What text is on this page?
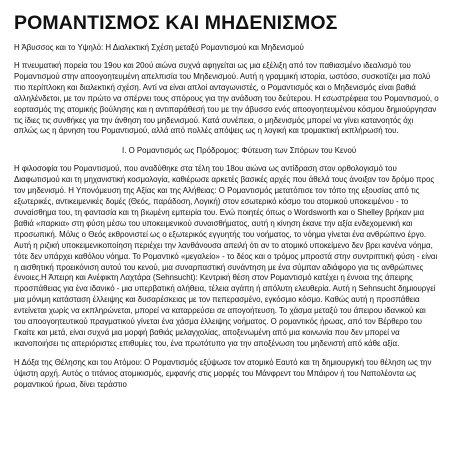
ΡΟΜΑΝΤΙΣΜΟΣ ΚΑΙ ΜΗΔΕΝΙΣΜΟΣ
Η Άβυσσος και το Υψηλό: Η Διαλεκτική Σχέση μεταξύ Ρομαντισμού και Μηδενισμού

Η πνευματική πορεία του 19ου και 20ού αιώνα συχνά αφηγείται ως μια εξέλιξη από τον παθιασμένο ιδεαλισμό του Ρομαντισμού στην αποογοητευμένη απελπισία του Μηδενισμού. Αυτή η γραμμική ιστορία, ωστόσο, συσκοτίζει μια πολύ πιο περίπλοκη και διαλεκτική σχέση. Αντί να είναι απλοί ανταγωνιστές, ο Ρομαντισμός και ο Μηδενισμός είναι βαθιά αλληλένδετοι, με τον πρώτο να σπέρνει τους σπόρους για την ανάδυση του δεύτερου. Η εσωστρέφεια του Ρομαντισμού, ο εορτασμός της ατομικής βούλησης και η αντιπαράθεσή του με την άβυσσο ενός αποογοητευμένου κόσμου δημιούργησαν τις ίδιες τις συνθήκες για την άνθηση του μηδενισμού. Κατά συνέπεια, ο μηδενισμός μπορεί να γίνει κατανοητός όχι απλώς ως η άρνηση του Ρομαντισμού, αλλά από πολλές απόψεις ως η λογική και τρομακτική εκπλήρωσή του.

I. Ο Ρομαντισμός ως Πρόδρομος: Φύτευση των Σπόρων του Κενού

Η φιλοσοφία του Ρομαντισμού, που αναδύθηκε στα τέλη του 18ου αιώνα ως αντίδραση στον ορθολογισμό του Διαφωτισμού και τη μηχανιστική κοσμολογία, καθιέρωσε αρκετές βασικές αρχές που άθελά τους άνοιξαν τον δρόμο προς τον μηδενισμό. Η Υπονόμευση της Αξίας και της Αλήθειας: Ο Ρομαντισμός μετατόπισε τον τόπο της εξουσίας από τις εξωτερικές, αντικειμενικές δομές (Θεός, παράδοση, Λογική) στον εσωτερικό κόσμο του ατομικού υποκειμένου - το συναίσθημα του, τη φαντασία και τη βιωμένη εμπειρία του. Ενώ ποιητές όπως ο Wordsworth και ο Shelley βρήκαν μια βαθιά «παρκια» στη φύση μέσω του υποκειμενικού συναισθήματος, αυτή η κίνηση έκανε την αξία ενδεχομενική και προσωπική. Μόλις ο Θεός εκθρονιστεί ως ο εξωτερικός εγγυητής του νοήματος, το νόημα γίνεται ένα ανθρώπινο έργο. Αυτή η ριζική υποκειμενικοποίηση περιέχει την λανθάνουσα απειλή ότι αν το ατομικό υποκείμενο δεν βρει κανένα νόημα, τότε δεν υπάρχει καθόλου νόημα. Το Ρομαντικό «μεγαλείο» - το δέος και ο τρόμος μπροστά στην συντριπτική φύση - είναι η αισθητική προεικόνιση αυτού του κενού, μια συναρπαστική συνάντηση με ένα σύμπαν αδιάφορο για τις ανθρώπινες έννοιες.Η Άπειρη και Ανέφικτη Λαχτάρα (Sehnsucht): Κεντρική θέση στον Ρομαντισμό κατέχει η έννοια της άπειρης προσπάθειας για ένα ιδανικό - μια υπερβατική αλήθεια, τέλεια αγάπη ή απόλυτη ελευθερία. Αυτή η Sehnsucht δημιουργεί μια μόνιμη κατάσταση έλλειψης και δυσαρέσκειας με τον πεπερασμένο, εγκόσμιο κόσμο. Καθώς αυτή η προσπάθεια εντείνεται χωρίς να εκπληρώνεται, μπορεί να καταρρεύσει σε απογοήτευση. Το χάσμα μεταξύ του άπειρου ιδανικού και του αποογοητευτικού πραγματικού γίνεται ένα χάσμα έλλειψης νοήματος. Ο ρομαντικός ήρωας, από τον Βέρθερο του Γκαίτε και μετά, είναι συχνά μια μορφή βαθιάς μελαγχολίας, αποξενωμένη από μια κοινωνία που δεν μπορεί να ικανοποιήσει τις απεριόριστες επιθυμίες του, ένα πρωτότυπο για την αποξένωση του μηδενιστή από κάθε αξία.

Η Δόξα της Θέλησης και του Ατόμου: Ο Ρομαντισμός εξύψωσε τον ατομικό Εαυτό και τη δημιουργική του θέληση ως την ύψιστη αρχή. Αυτός ο τιτάνιος ατομικισμός, εμφανής στις μορφές του Μάνφρεντ του Μπάιρον ή του Ναπολέοντα ως ρομαντικού ήρωα, δίνει τεράστιο
